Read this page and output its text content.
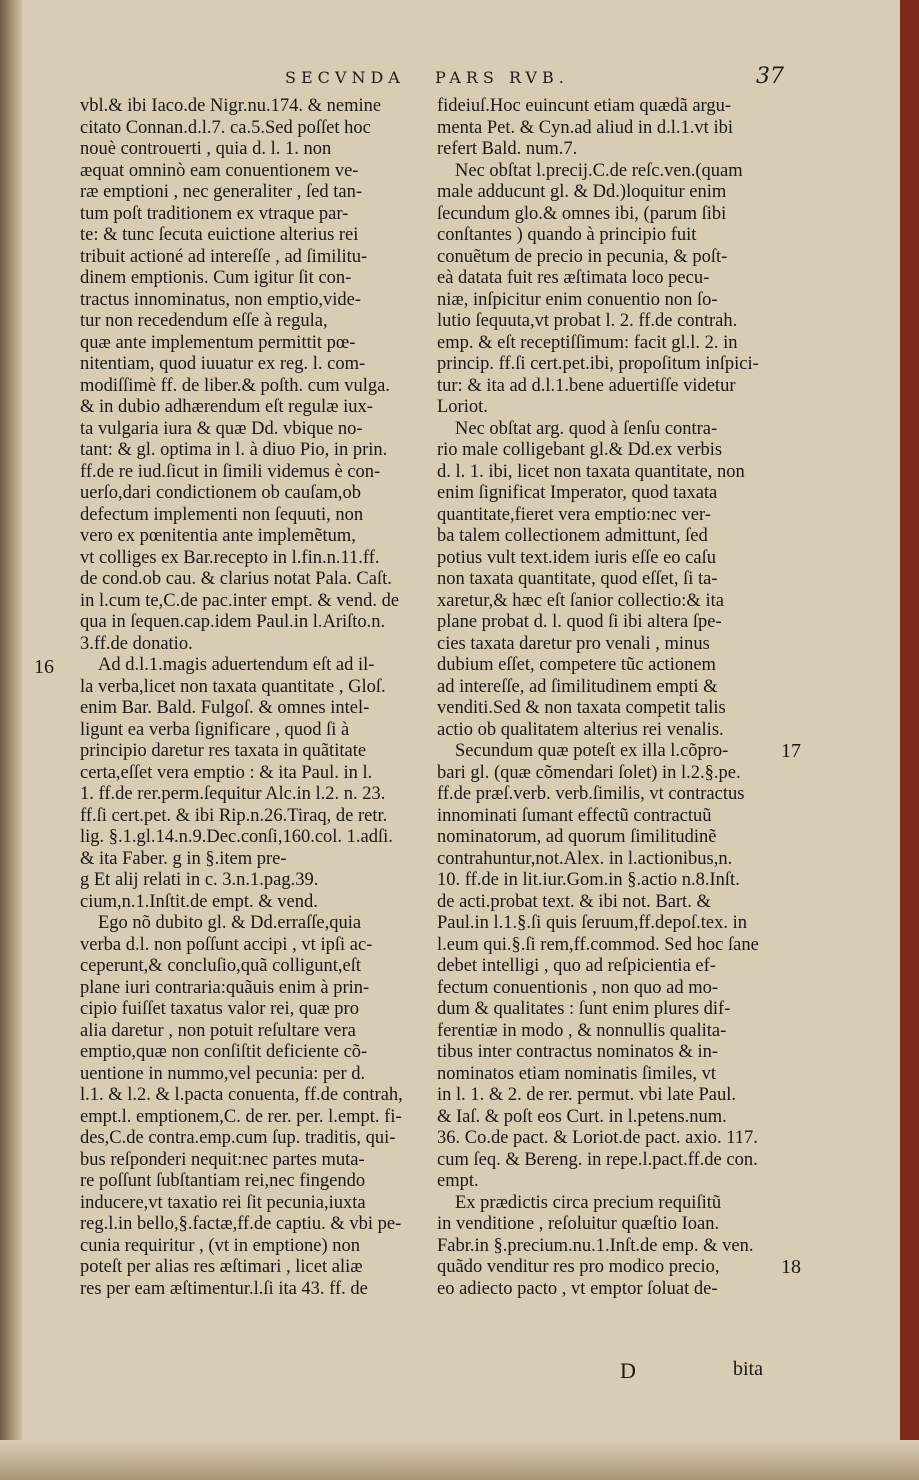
SECVNDA PARS RVB.	37
vbl.& ibi Iaco.de Nigr.nu.174. & nemine
citato Connan.d.l.7. ca.5.Sed poſſet hoc
nouè controuerti , quia d. l. 1. non
æquat omninò eam conuentionem ve-
ræ emptioni , nec generaliter , ſed tan-
tum poſt traditionem ex vtraque par-
te: & tunc ſecuta euictione alterius rei
tribuit actioné ad intereſſe , ad ſimilitu-
dinem emptionis. Cum igitur ſit con-
tractus innominatus, non emptio,vide-
tur non recedendum eſſe à regula,
quæ ante implementum permittit pœ-
nitentiam, quod iuuatur ex reg. l. com-
modiſſimè ff. de liber.& poſth. cum vulga.
& in dubio adhærendum eſt regulæ iux-
ta vulgaria iura & quæ Dd. vbique no-
tant: & gl. optima in l. à diuo Pio, in prin.
ff.de re iud.ſicut in ſimili videmus è con-
uerſo,dari condictionem ob cauſam,ob
defectum implementi non ſequuti, non
vero ex pœnitentia ante implemẽtum,
vt colliges ex Bar.recepto in l.fin.n.11.ff.
de cond.ob cau. & clarius notat Pala. Caſt.
in l.cum te,C.de pac.inter empt. & vend. de
qua in ſequen.cap.idem Paul.in l.Ariſto.n.
3.ff.de donatio.
Ad d.l.1.magis aduertendum eſt ad il-
la verba,licet non taxata quantitate , Gloſ.
enim Bar. Bald. Fulgoſ. & omnes intel-
ligunt ea verba ſignificare , quod ſi à
principio daretur res taxata in quãtitate
certa,eſſet vera emptio : & ita Paul. in l.
1. ff.de rer.perm.ſequitur Alc.in l.2. n. 23.
ff.ſi cert.pet. & ibi Rip.n.26.Tiraq, de retr.
lig. §.1.gl.14.n.9.Dec.conſi,160.col. 1.adſi.
& ita Faber. g in §.item pre-
g Et alij relati in c. 3.n.1.pag.39.
cium,n.1.Inſtit.de empt. & vend.
Ego nõ dubito gl. & Dd.erraſſe,quia
verba d.l. non poſſunt accipi , vt ipſi ac-
ceperunt,& concluſio,quã colligunt,eſt
plane iuri contraria:quãuis enim à prin-
cipio fuiſſet taxatus valor rei, quæ pro
alia daretur , non potuit reſultare vera
emptio,quæ non conſiſtit deficiente cõ-
uentione in nummo,vel pecunia: per d.
l.1. & l.2. & l.pacta conuenta, ff.de contrah,
empt.l. emptionem,C. de rer. per. l.empt. fi-
des,C.de contra.emp.cum ſup. traditis, qui-
bus reſponderi nequit:nec partes muta-
re poſſunt ſubſtantiam rei,nec fingendo
inducere,vt taxatio rei ſit pecunia,iuxta
reg.l.in bello,§.factæ,ff.de captiu. & vbi pe-
cunia requiritur , (vt in emptione) non
poteſt per alias res æſtimari , licet aliæ
res per eam æſtimentur.l.ſi ita 43. ff. de
fideiuſ.Hoc euincunt etiam quædã argu-
menta Pet. & Cyn.ad aliud in d.l.1.vt ibi
refert Bald. num.7.
Nec obſtat l.precij.C.de reſc.ven.(quam
male adducunt gl. & Dd.)loquitur enim
ſecundum glo.& omnes ibi, (parum ſibi
conſtantes ) quando à principio fuit
conuẽtum de precio in pecunia, & poſt-
eà datata fuit res æſtimata loco pecu-
niæ, inſpicitur enim conuentio non ſo-
lutio ſequuta,vt probat l. 2. ff.de contrah.
emp. & eſt receptiſſimum: facit gl.l. 2. in
princip. ff.ſi cert.pet.ibi, propoſitum inſpici-
tur: & ita ad d.l.1.bene aduertiſſe videtur
Loriot.
Nec obſtat arg. quod à ſenſu contra-
rio male colligebant gl.& Dd.ex verbis
d. l. 1. ibi, licet non taxata quantitate, non
enim ſignificat Imperator, quod taxata
quantitate,fieret vera emptio:nec ver-
ba talem collectionem admittunt, ſed
potius vult text.idem iuris eſſe eo caſu
non taxata quantitate, quod eſſet, ſi ta-
xaretur,& hæc eſt ſanior collectio:& ita
plane probat d. l. quod ſi ibi altera ſpe-
cies taxata daretur pro venali , minus
dubium eſſet, competere tũc actionem
ad intereſſe, ad ſimilitudinem empti &
venditi.Sed & non taxata competit talis
actio ob qualitatem alterius rei venalis.
Secundum quæ poteſt ex illa l.cõpro-
bari gl. (quæ cõmendari ſolet) in l.2.§.pe.
ff.de præſ.verb. verb.ſimilis, vt contractus
innominati ſumant effectũ contractuũ
nominatorum, ad quorum ſimilitudinẽ
contrahuntur,not.Alex. in l.actionibus,n.
10. ff.de in lit.iur.Gom.in §.actio n.8.Inſt.
de acti.probat text. & ibi not. Bart. &
Paul.in l.1.§.ſi quis ſeruum,ff.depoſ.tex. in
l.eum qui.§.ſi rem,ff.commod. Sed hoc ſane
debet intelligi , quo ad reſpicientia ef-
fectum conuentionis , non quo ad mo-
dum & qualitates : ſunt enim plures dif-
ferentiæ in modo , & nonnullis qualita-
tibus inter contractus nominatos & in-
nominatos etiam nominatis ſimiles, vt
in l. 1. & 2. de rer. permut. vbi late Paul.
& Iaſ. & poſt eos Curt. in l.petens.num.
36. Co.de pact. & Loriot.de pact. axio. 117.
cum ſeq. & Bereng. in repe.l.pact.ff.de con.
empt.
Ex prædictis circa precium requiſitũ
in venditione , reſoluitur quæſtio Ioan.
Fabr.in §.precium.nu.1.Inſt.de emp. & ven.
quãdo venditur res pro modico precio,
eo adiecto pacto , vt emptor ſoluat de-
16
17
18
D	bita
